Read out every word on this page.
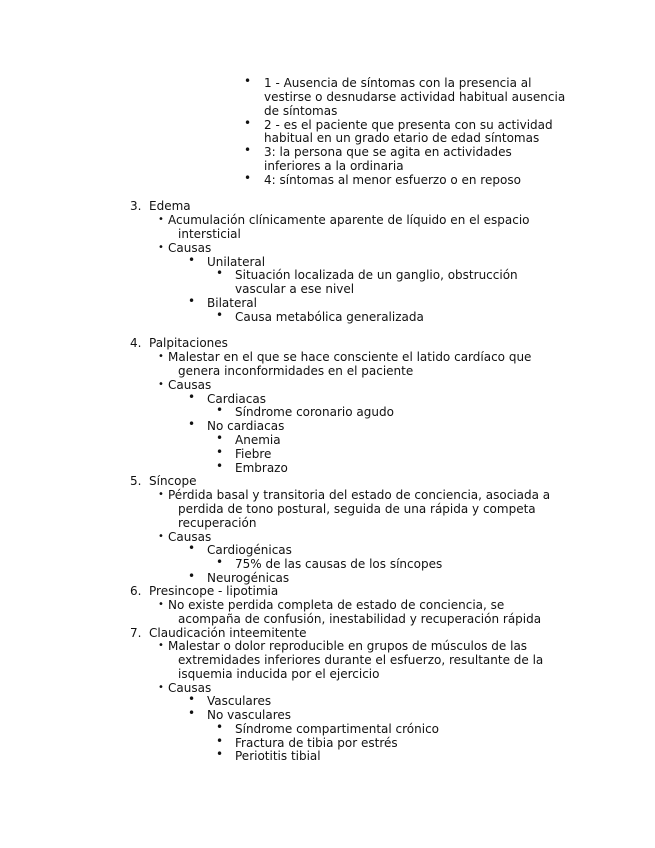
• 1 - Ausencia de síntomas con la presencia al
vestirse o desnudarse actividad habitual ausencia
de síntomas
• 2 - es el paciente que presenta con su actividad
habitual en un grado etario de edad síntomas
• 3: la persona que se agita en actividades
inferiores a la ordinaria
• 4: síntomas al menor esfuerzo o en reposo
3. Edema
• Acumulación clínicamente aparente de líquido en el espacio
intersticial
• Causas
• Unilateral
• Situación localizada de un ganglio, obstrucción
vascular a ese nivel
• Bilateral
• Causa metabólica generalizada
4. Palpitaciones
• Malestar en el que se hace consciente el latido cardíaco que
genera inconformidades en el paciente
• Causas
• Cardiacas
• Síndrome coronario agudo
• No cardiacas
• Anemia
• Fiebre
• Embrazo
5. Síncope
• Pérdida basal y transitoria del estado de conciencia, asociada a
perdida de tono postural, seguida de una rápida y competa
recuperación
• Causas
• Cardiogénicas
• 75% de las causas de los síncopes
• Neurogénicas
6. Presincope - lipotimia
• No existe perdida completa de estado de conciencia, se
acompaña de confusión, inestabilidad y recuperación rápida
7. Claudicación inteemitente
• Malestar o dolor reproducible en grupos de músculos de las
extremidades inferiores durante el esfuerzo, resultante de la
isquemia inducida por el ejercicio
• Causas
• Vasculares
• No vasculares
• Síndrome compartimental crónico
• Fractura de tibia por estrés
• Periotitis tibial
